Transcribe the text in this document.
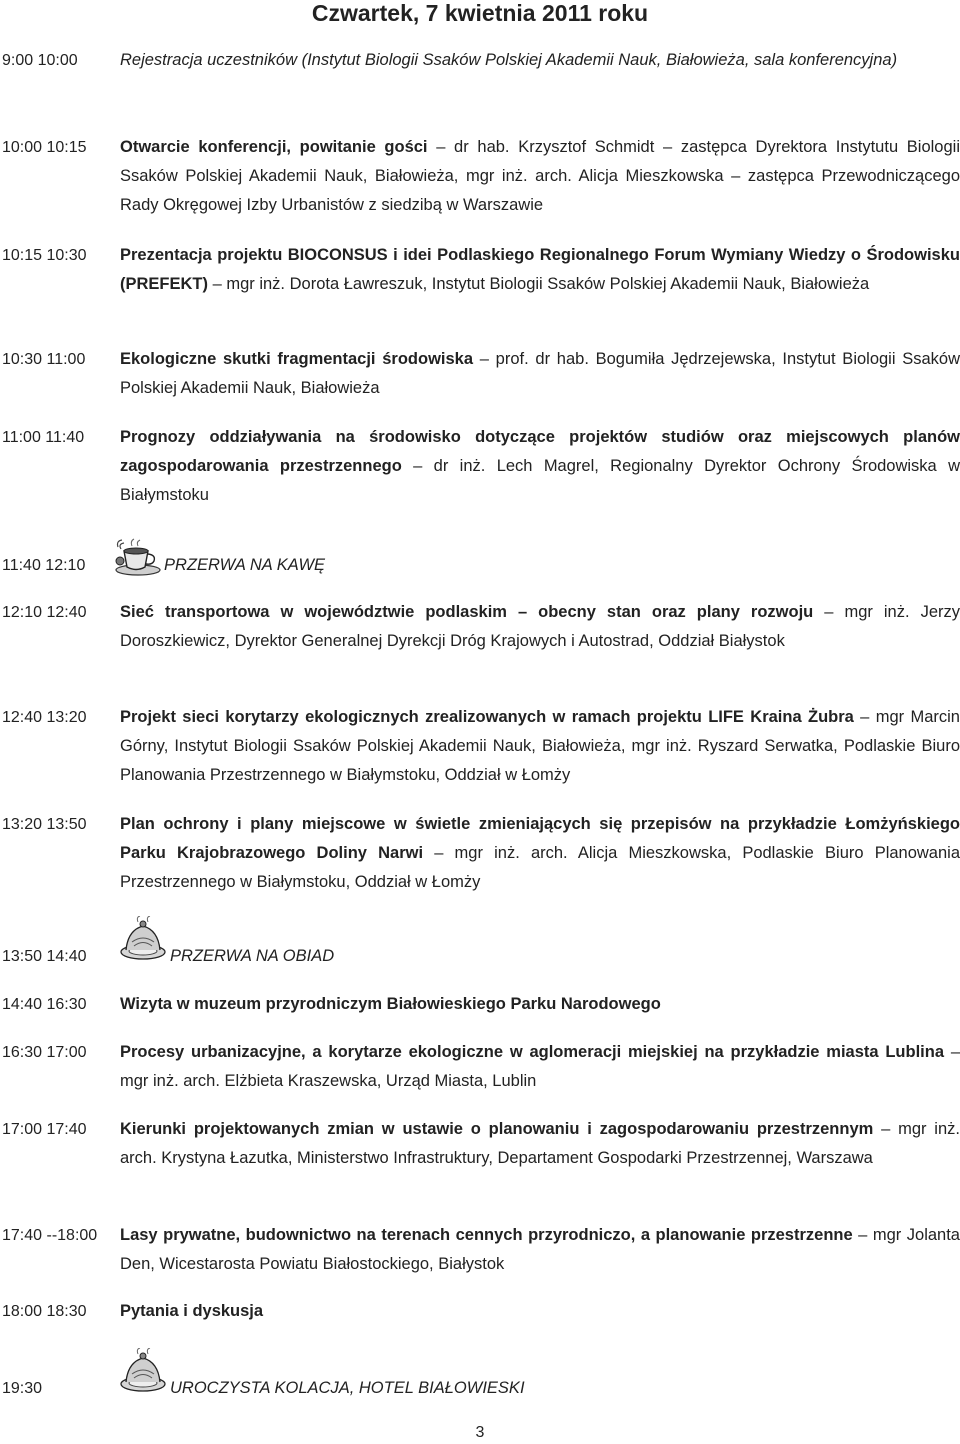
Czwartek, 7 kwietnia 2011 roku
9:00 10:00	Rejestracja uczestników (Instytut Biologii Ssaków Polskiej Akademii Nauk, Białowieża, sala konferencyjna)
10:00 10:15	Otwarcie konferencji, powitanie gości – dr hab. Krzysztof Schmidt – zastępca Dyrektora Instytutu Biologii Ssaków Polskiej Akademii Nauk, Białowieża, mgr inż. arch. Alicja Mieszkowska – zastępca Przewodniczącego Rady Okręgowej Izby Urbanistów z siedzibą w Warszawie
10:15 10:30	Prezentacja projektu BIOCONSUS i idei Podlaskiego Regionalnego Forum Wymiany Wiedzy o Środowisku (PREFEKT) – mgr inż. Dorota Ławreszuk, Instytut Biologii Ssaków Polskiej Akademii Nauk, Białowieża
10:30 11:00	Ekologiczne skutki fragmentacji środowiska – prof. dr hab. Bogumiła Jędrzejewska, Instytut Biologii Ssaków Polskiej Akademii Nauk, Białowieża
11:00 11:40	Prognozy oddziaływania na środowisko dotyczące projektów studiów oraz miejscowych planów zagospodarowania przestrzennego – dr inż. Lech Magrel, Regionalny Dyrektor Ochrony Środowiska w Białymstoku
11:40 12:10	PRZERWA NA KAWĘ
12:10 12:40	Sieć transportowa w województwie podlaskim – obecny stan oraz plany rozwoju – mgr inż. Jerzy Doroszkiewicz, Dyrektor Generalnej Dyrekcji Dróg Krajowych i Autostrad, Oddział Białystok
12:40 13:20	Projekt sieci korytarzy ekologicznych zrealizowanych w ramach projektu LIFE Kraina Żubra – mgr Marcin Górny, Instytut Biologii Ssaków Polskiej Akademii Nauk, Białowieża, mgr inż. Ryszard Serwatka, Podlaskie Biuro Planowania Przestrzennego w Białymstoku, Oddział w Łomży
13:20 13:50	Plan ochrony i plany miejscowe w świetle zmieniających się przepisów na przykładzie Łomżyńskiego Parku Krajobrazowego Doliny Narwi – mgr inż. arch. Alicja Mieszkowska, Podlaskie Biuro Planowania Przestrzennego w Białymstoku, Oddział w Łomży
13:50 14:40	PRZERWA NA OBIAD
14:40 16:30	Wizyta w muzeum przyrodniczym Białowieskiego Parku Narodowego
16:30 17:00	Procesy urbanizacyjne, a korytarze ekologiczne w aglomeracji miejskiej na przykładzie miasta Lublina – mgr inż. arch. Elżbieta Kraszewska, Urząd Miasta, Lublin
17:00 17:40	Kierunki projektowanych zmian w ustawie o planowaniu i zagospodarowaniu przestrzennym – mgr inż. arch. Krystyna Łazutka, Ministerstwo Infrastruktury, Departament Gospodarki Przestrzennej, Warszawa
17:40 --18:00	Lasy prywatne, budownictwo na terenach cennych przyrodniczo, a planowanie przestrzenne – mgr Jolanta Den, Wicestarosta Powiatu Białostockiego, Białystok
18:00 18:30	Pytania i dyskusja
19:30	UROCZYSTA KOLACJA, HOTEL BIAŁOWIESKI
3
